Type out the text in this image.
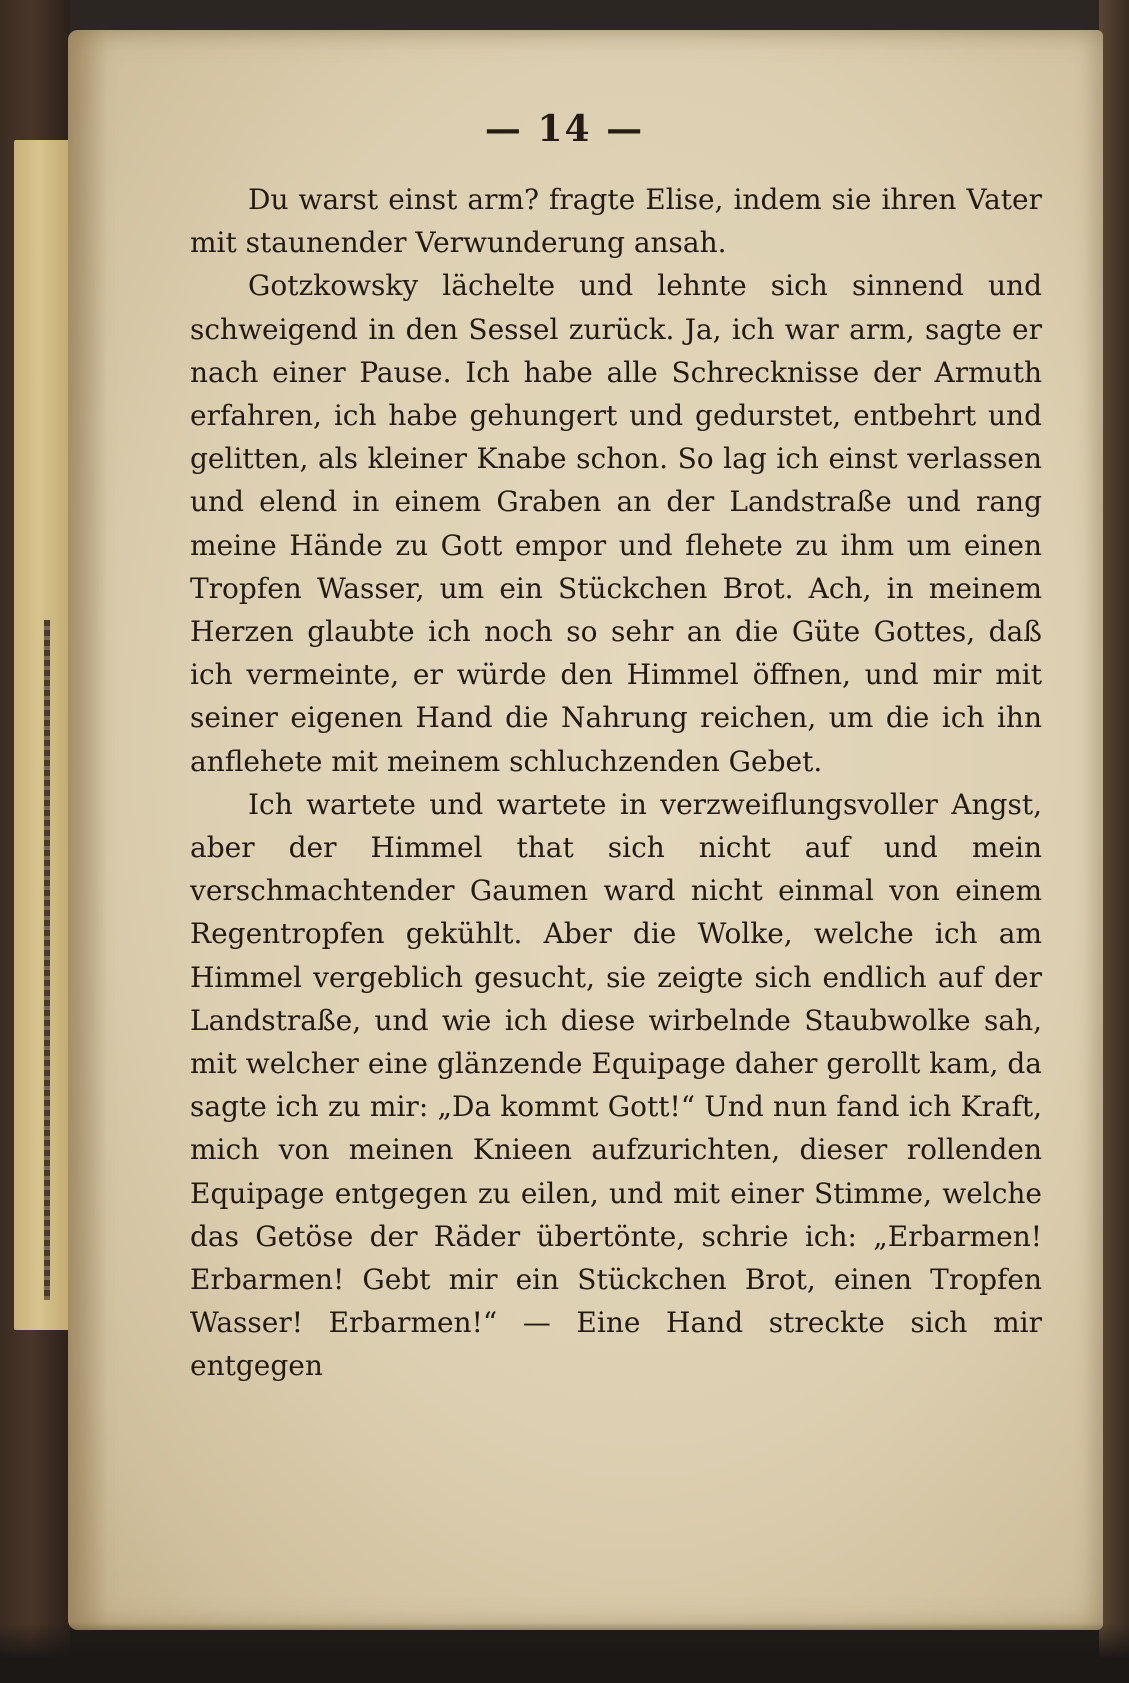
— 14 —

Du warst einst arm? fragte Elise, indem sie ihren Vater mit staunender Verwunderung ansah.

Gotzkowsky lächelte und lehnte sich sinnend und schweigend in den Sessel zurück. Ja, ich war arm, sagte er nach einer Pause. Ich habe alle Schrecknisse der Armuth erfahren, ich habe gehungert und gedurstet, entbehrt und gelitten, als kleiner Knabe schon. So lag ich einst verlassen und elend in einem Graben an der Landstraße und rang meine Hände zu Gott empor und flehete zu ihm um einen Tropfen Wasser, um ein Stückchen Brot. Ach, in meinem Herzen glaubte ich noch so sehr an die Güte Gottes, daß ich vermeinte, er würde den Himmel öffnen, und mir mit seiner eigenen Hand die Nahrung reichen, um die ich ihn anflehete mit meinem schluchzenden Gebet.

Ich wartete und wartete in verzweiflungsvoller Angst, aber der Himmel that sich nicht auf und mein verschmachtender Gaumen ward nicht einmal von einem Regentropfen gekühlt. Aber die Wolke, welche ich am Himmel vergeblich gesucht, sie zeigte sich endlich auf der Landstraße, und wie ich diese wirbelnde Staubwolke sah, mit welcher eine glänzende Equipage daher gerollt kam, da sagte ich zu mir: „Da kommt Gott!“ Und nun fand ich Kraft, mich von meinen Knieen aufzurichten, dieser rollenden Equipage entgegen zu eilen, und mit einer Stimme, welche das Getöse der Räder übertönte, schrie ich: „Erbarmen! Erbarmen! Gebt mir ein Stückchen Brot, einen Tropfen Wasser! Erbarmen!“ — Eine Hand streckte sich mir entgegen
